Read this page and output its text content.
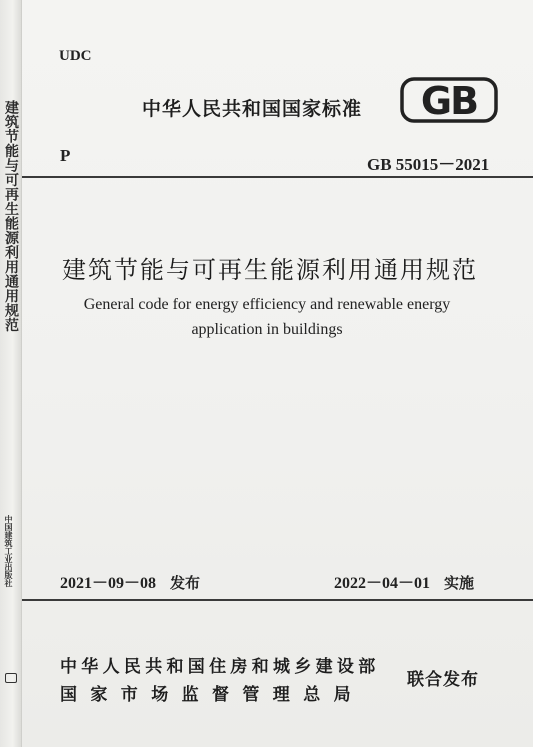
建筑节能与可再生能源利用通用规范
中国建筑工业出版社
UDC
中华人民共和国国家标准 GB
P	GB 55015－2021
建筑节能与可再生能源利用通用规范
General code for energy efficiency and renewable energy
application in buildings
2021－09－08 发布	2022－04－01 实施
中华人民共和国住房和城乡建设部
国家市场监督管理总局
联合发布
